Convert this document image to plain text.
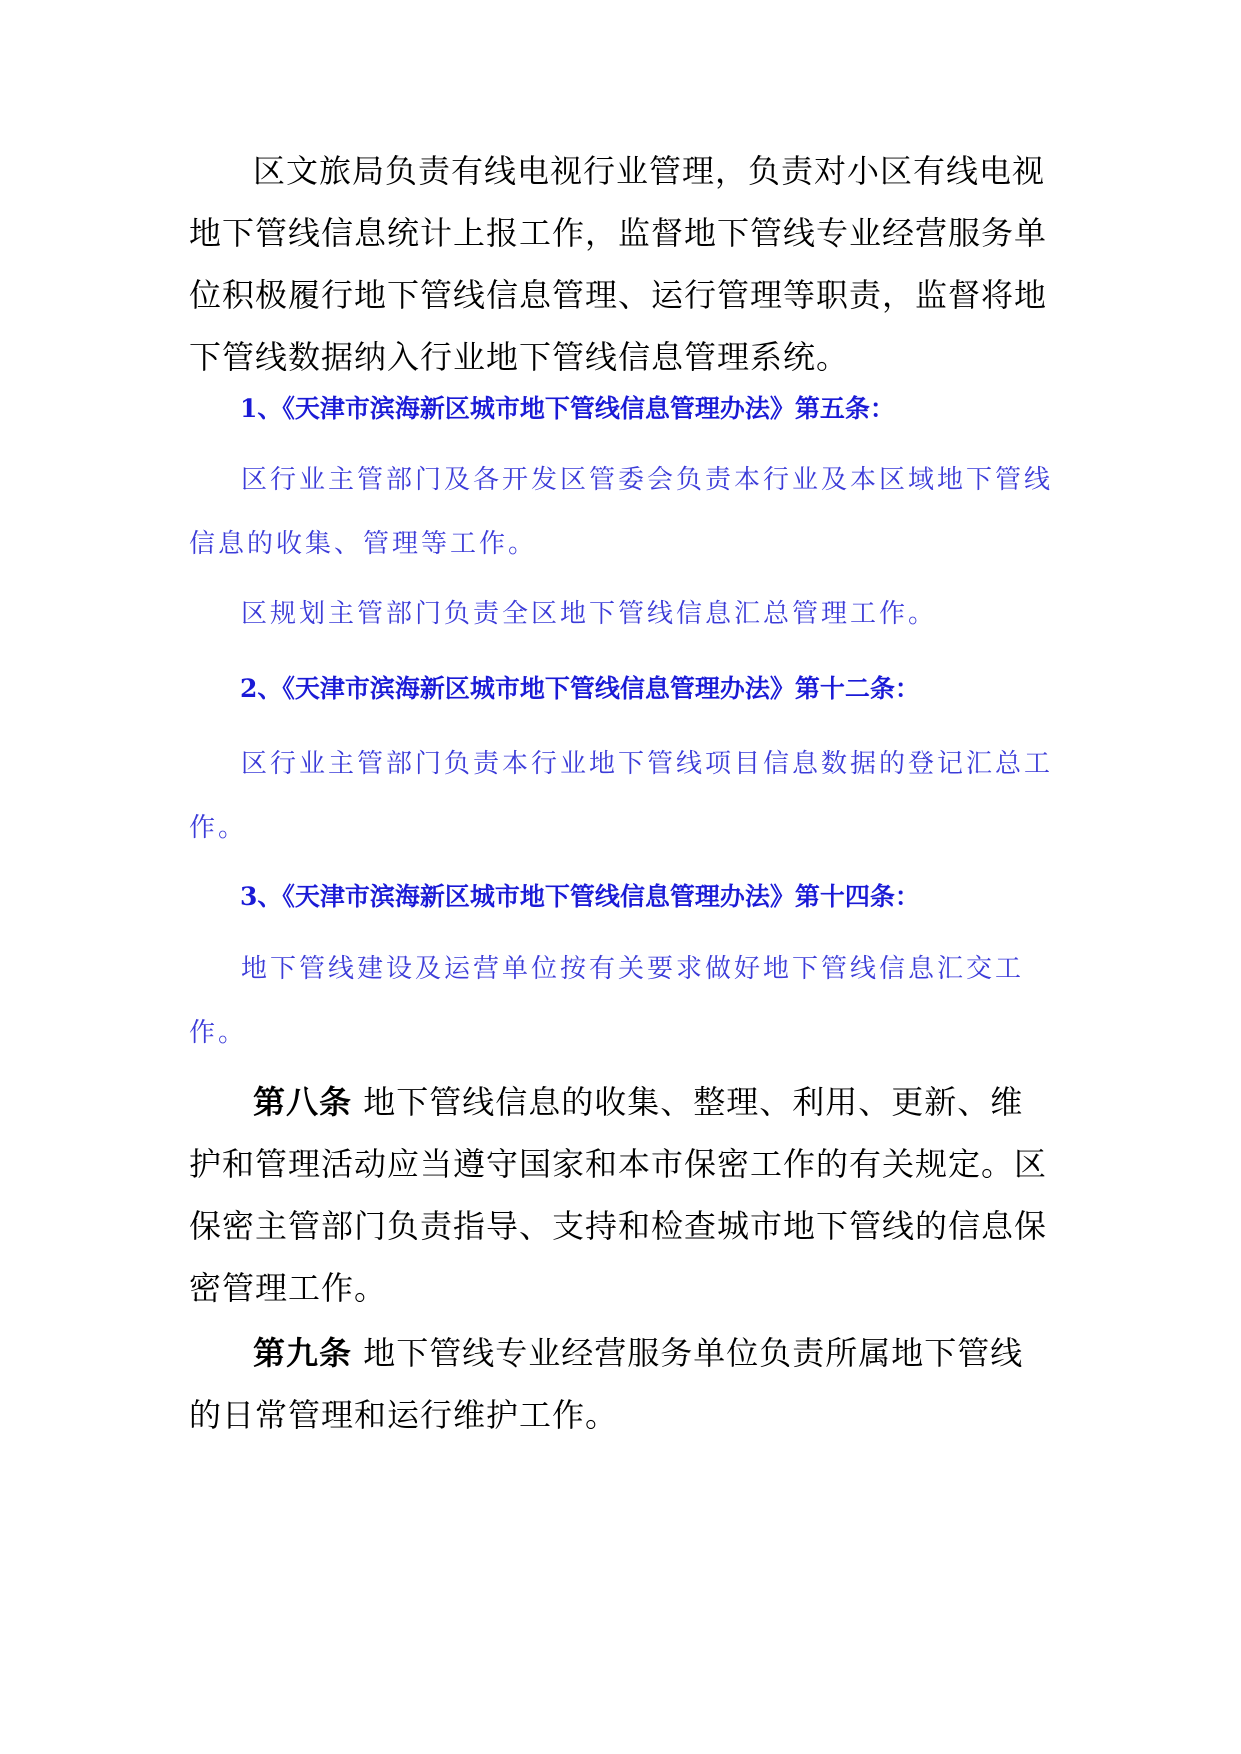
区文旅局负责有线电视行业管理，负责对小区有线电视地下管线信息统计上报工作，监督地下管线专业经营服务单位积极履行地下管线信息管理、运行管理等职责，监督将地下管线数据纳入行业地下管线信息管理系统。

1、《天津市滨海新区城市地下管线信息管理办法》第五条：

区行业主管部门及各开发区管委会负责本行业及本区域地下管线信息的收集、管理等工作。

区规划主管部门负责全区地下管线信息汇总管理工作。

2、《天津市滨海新区城市地下管线信息管理办法》第十二条：

区行业主管部门负责本行业地下管线项目信息数据的登记汇总工作。

3、《天津市滨海新区城市地下管线信息管理办法》第十四条：

地下管线建设及运营单位按有关要求做好地下管线信息汇交工作。

第八条 地下管线信息的收集、整理、利用、更新、维护和管理活动应当遵守国家和本市保密工作的有关规定。区保密主管部门负责指导、支持和检查城市地下管线的信息保密管理工作。

第九条 地下管线专业经营服务单位负责所属地下管线的日常管理和运行维护工作。
